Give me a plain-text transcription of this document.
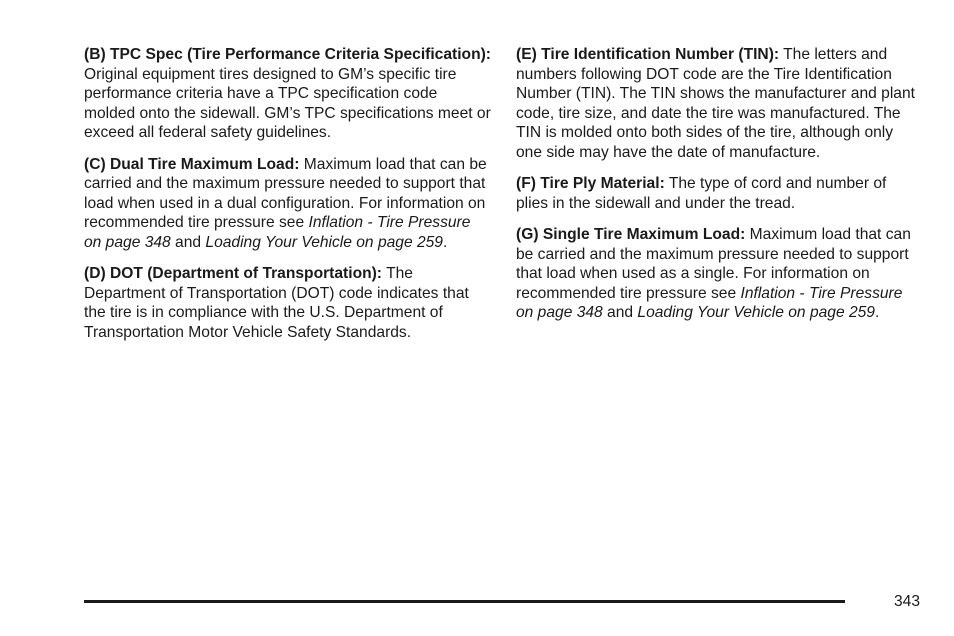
(B) TPC Spec (Tire Performance Criteria Specification): Original equipment tires designed to GM’s specific tire performance criteria have a TPC specification code molded onto the sidewall. GM’s TPC specifications meet or exceed all federal safety guidelines.

(C) Dual Tire Maximum Load: Maximum load that can be carried and the maximum pressure needed to support that load when used in a dual configuration. For information on recommended tire pressure see Inflation - Tire Pressure on page 348 and Loading Your Vehicle on page 259.

(D) DOT (Department of Transportation): The Department of Transportation (DOT) code indicates that the tire is in compliance with the U.S. Department of Transportation Motor Vehicle Safety Standards.

(E) Tire Identification Number (TIN): The letters and numbers following DOT code are the Tire Identification Number (TIN). The TIN shows the manufacturer and plant code, tire size, and date the tire was manufactured. The TIN is molded onto both sides of the tire, although only one side may have the date of manufacture.

(F) Tire Ply Material: The type of cord and number of plies in the sidewall and under the tread.

(G) Single Tire Maximum Load: Maximum load that can be carried and the maximum pressure needed to support that load when used as a single. For information on recommended tire pressure see Inflation - Tire Pressure on page 348 and Loading Your Vehicle on page 259.

343
